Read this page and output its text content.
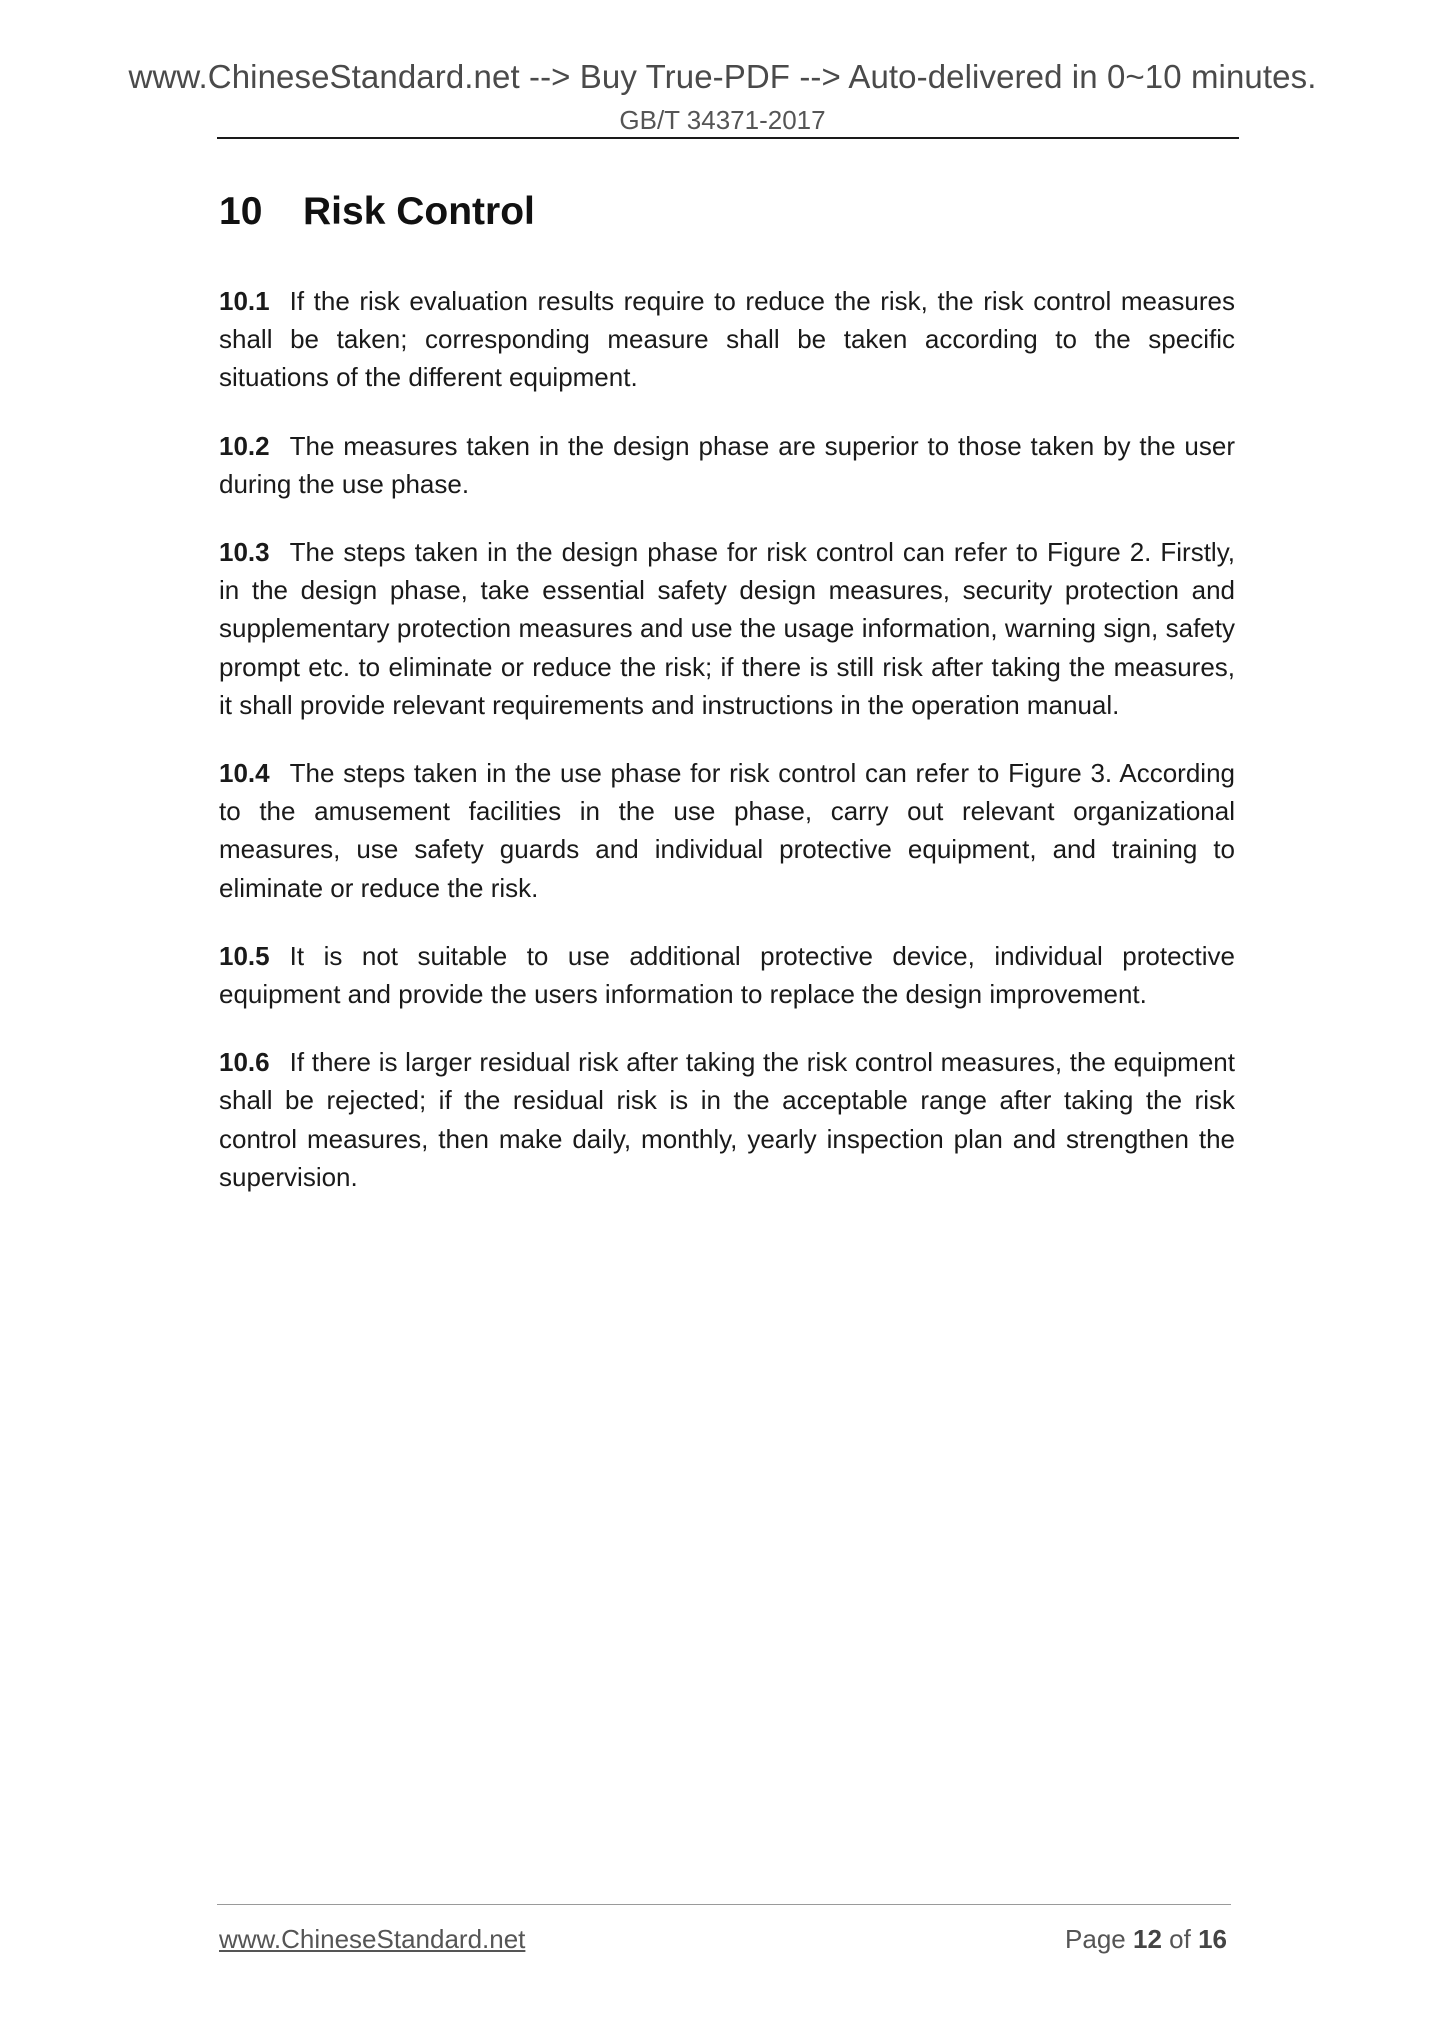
www.ChineseStandard.net --> Buy True-PDF --> Auto-delivered in 0~10 minutes.
GB/T 34371-2017
10 Risk Control

10.1 If the risk evaluation results require to reduce the risk, the risk control measures shall be taken; corresponding measure shall be taken according to the specific situations of the different equipment.

10.2 The measures taken in the design phase are superior to those taken by the user during the use phase.

10.3 The steps taken in the design phase for risk control can refer to Figure 2. Firstly, in the design phase, take essential safety design measures, security protection and supplementary protection measures and use the usage information, warning sign, safety prompt etc. to eliminate or reduce the risk; if there is still risk after taking the measures, it shall provide relevant requirements and instructions in the operation manual.

10.4 The steps taken in the use phase for risk control can refer to Figure 3. According to the amusement facilities in the use phase, carry out relevant organizational measures, use safety guards and individual protective equipment, and training to eliminate or reduce the risk.

10.5 It is not suitable to use additional protective device, individual protective equipment and provide the users information to replace the design improvement.

10.6 If there is larger residual risk after taking the risk control measures, the equipment shall be rejected; if the residual risk is in the acceptable range after taking the risk control measures, then make daily, monthly, yearly inspection plan and strengthen the supervision.

www.ChineseStandard.net	Page 12 of 16
